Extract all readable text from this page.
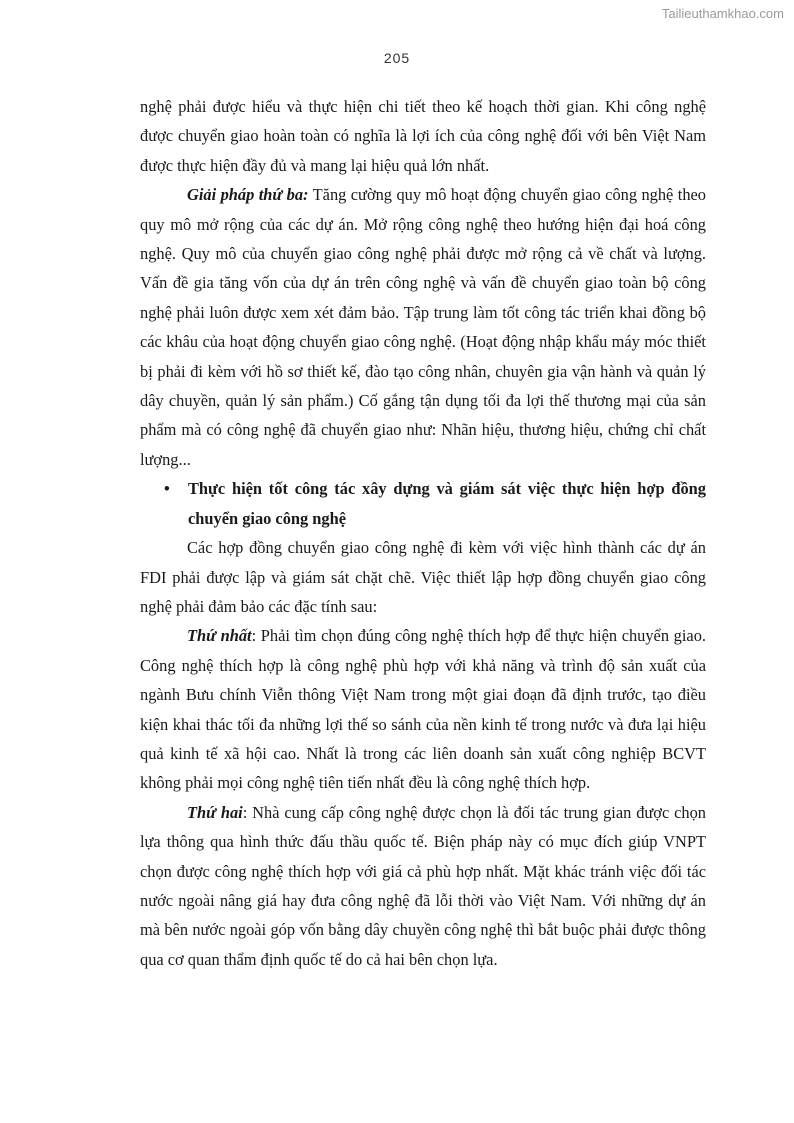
Tailieuthamkhao.com
205

nghệ phải được hiểu và thực hiện chi tiết theo kế hoạch thời gian. Khi công nghệ được chuyển giao hoàn toàn có nghĩa là lợi ích của công nghệ đối với bên Việt Nam được thực hiện đầy đủ và mang lại hiệu quả lớn nhất.

Giải pháp thứ ba: Tăng cường quy mô hoạt động chuyển giao công nghệ theo quy mô mở rộng của các dự án. Mở rộng công nghệ theo hướng hiện đại hoá công nghệ. Quy mô của chuyển giao công nghệ phải được mở rộng cả về chất và lượng. Vấn đề gia tăng vốn của dự án trên công nghệ và vấn đề chuyển giao toàn bộ công nghệ phải luôn được xem xét đảm bảo. Tập trung làm tốt công tác triển khai đồng bộ các khâu của hoạt động chuyển giao công nghệ. (Hoạt động nhập khẩu máy móc thiết bị phải đi kèm với hồ sơ thiết kế, đào tạo công nhân, chuyên gia vận hành và quản lý dây chuyền, quản lý sản phẩm.) Cố gắng tận dụng tối đa lợi thế thương mại của sản phẩm mà có công nghệ đã chuyển giao như: Nhãn hiệu, thương hiệu, chứng chỉ chất lượng...

•	Thực hiện tốt công tác xây dựng và giám sát việc thực hiện hợp đồng chuyển giao công nghệ

Các hợp đồng chuyển giao công nghệ đi kèm với việc hình thành các dự án FDI phải được lập và giám sát chặt chẽ. Việc thiết lập hợp đồng chuyển giao công nghệ phải đảm bảo các đặc tính sau:

Thứ nhất: Phải tìm chọn đúng công nghệ thích hợp để thực hiện chuyển giao. Công nghệ thích hợp là công nghệ phù hợp với khả năng và trình độ sản xuất của ngành Bưu chính Viễn thông Việt Nam trong một giai đoạn đã định trước, tạo điều kiện khai thác tối đa những lợi thế so sánh của nền kinh tế trong nước và đưa lại hiệu quả kinh tế xã hội cao. Nhất là trong các liên doanh sản xuất công nghiệp BCVT không phải mọi công nghệ tiên tiến nhất đều là công nghệ thích hợp.

Thứ hai: Nhà cung cấp công nghệ được chọn là đối tác trung gian được chọn lựa thông qua hình thức đấu thầu quốc tế. Biện pháp này có mục đích giúp VNPT chọn được công nghệ thích hợp với giá cả phù hợp nhất. Mặt khác tránh việc đối tác nước ngoài nâng giá hay đưa công nghệ đã lỗi thời vào Việt Nam. Với những dự án mà bên nước ngoài góp vốn bằng dây chuyền công nghệ thì bắt buộc phải được thông qua cơ quan thẩm định quốc tế do cả hai bên chọn lựa.
